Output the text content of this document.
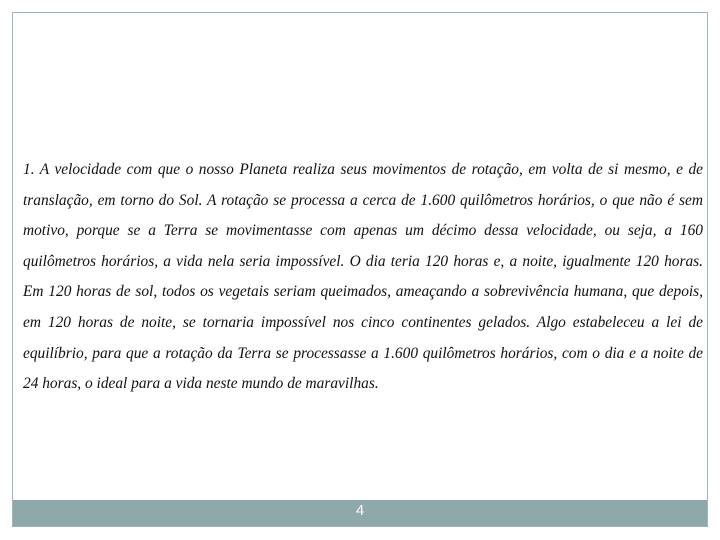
1. A velocidade com que o nosso Planeta realiza seus movimentos de rotação, em volta de si mesmo, e de translação, em torno do Sol. A rotação se processa a cerca de 1.600 quilômetros horários, o que não é sem motivo, porque se a Terra se movimentasse com apenas um décimo dessa velocidade, ou seja, a 160 quilômetros horários, a vida nela seria impossível. O dia teria 120 horas e, a noite, igualmente 120 horas. Em 120 horas de sol, todos os vegetais seriam queimados, ameaçando a sobrevivência humana, que depois, em 120 horas de noite, se tornaria impossível nos cinco continentes gelados. Algo estabeleceu a lei de equilíbrio, para que a rotação da Terra se processasse a 1.600 quilômetros horários, com o dia e a noite de 24 horas, o ideal para a vida neste mundo de maravilhas.

4
